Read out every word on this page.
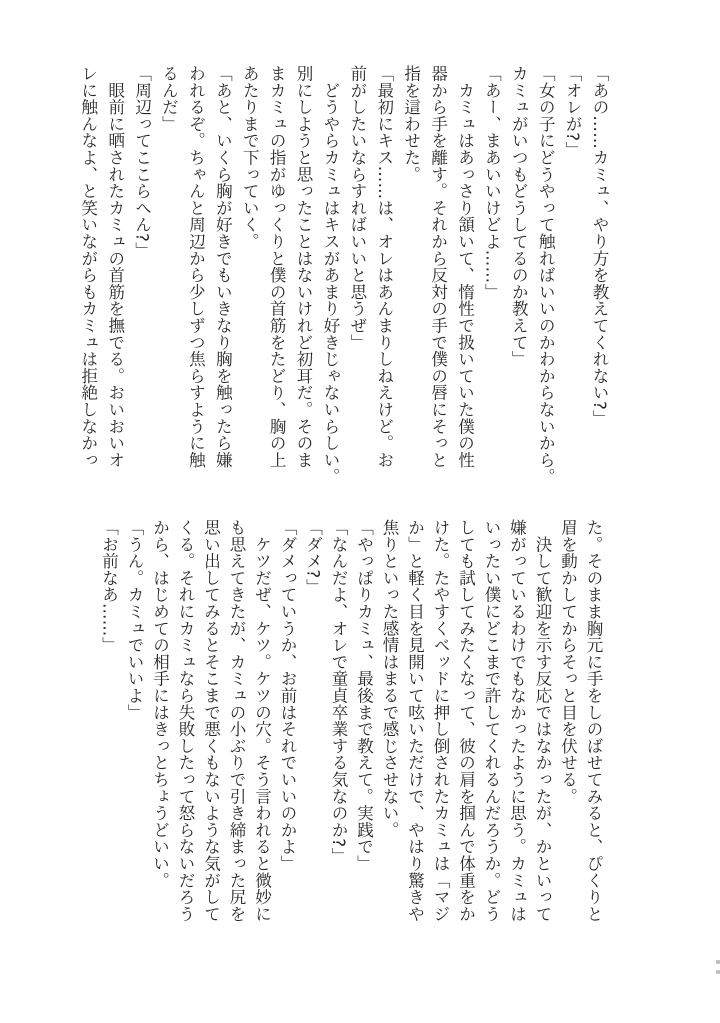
「あの……カミュ、やり方を教えてくれない?」

「オレが?」

「女の子にどうやって触ればいいのかわからないから。

カミュがいつもどうしてるのか教えて」

「あー、まあいいけどよ……」

　カミュはあっさり頷いて、惰性で扱いていた僕の性

器から手を離す。それから反対の手で僕の唇にそっと

指を這わせた。

「最初にキス……は、オレはあんまりしねえけど。お

前がしたいならすればいいと思うぜ」

　どうやらカミュはキスがあまり好きじゃないらしい。

別にしようと思ったことはないけれど初耳だ。そのま

まカミュの指がゆっくりと僕の首筋をたどり、胸の上

あたりまで下っていく。

「あと、いくら胸が好きでもいきなり胸を触ったら嫌

われるぞ。ちゃんと周辺から少しずつ焦らすように触

るんだ」

「周辺ってここらへん?」

　眼前に晒されたカミュの首筋を撫でる。おいおいオ

レに触んなよ、と笑いながらもカミュは拒絶しなかっ

た。そのまま胸元に手をしのばせてみると、ぴくりと

眉を動かしてからそっと目を伏せる。

　決して歓迎を示す反応ではなかったが、かといって

嫌がっているわけでもなかったように思う。カミュは

いったい僕にどこまで許してくれるんだろうか。どう

しても試してみたくなって、彼の肩を掴んで体重をか

けた。たやすくベッドに押し倒されたカミュは「マジ

か」と軽く目を見開いて呟いただけで、やはり驚きや

焦りといった感情はまるで感じさせない。

「やっぱりカミュ、最後まで教えて。実践で」

「なんだよ、オレで童貞卒業する気なのか?」

「ダメ?」

「ダメっていうか、お前はそれでいいのかよ」

　ケツだぜ、ケツ。ケツの穴。そう言われると微妙に

も思えてきたが、カミュの小ぶりで引き締まった尻を

思い出してみるとそこまで悪くもないような気がして

くる。それにカミュなら失敗したって怒らないだろう

から、はじめての相手にはきっとちょうどいい。

「うん。カミュでいいよ」

「お前なあ……」
